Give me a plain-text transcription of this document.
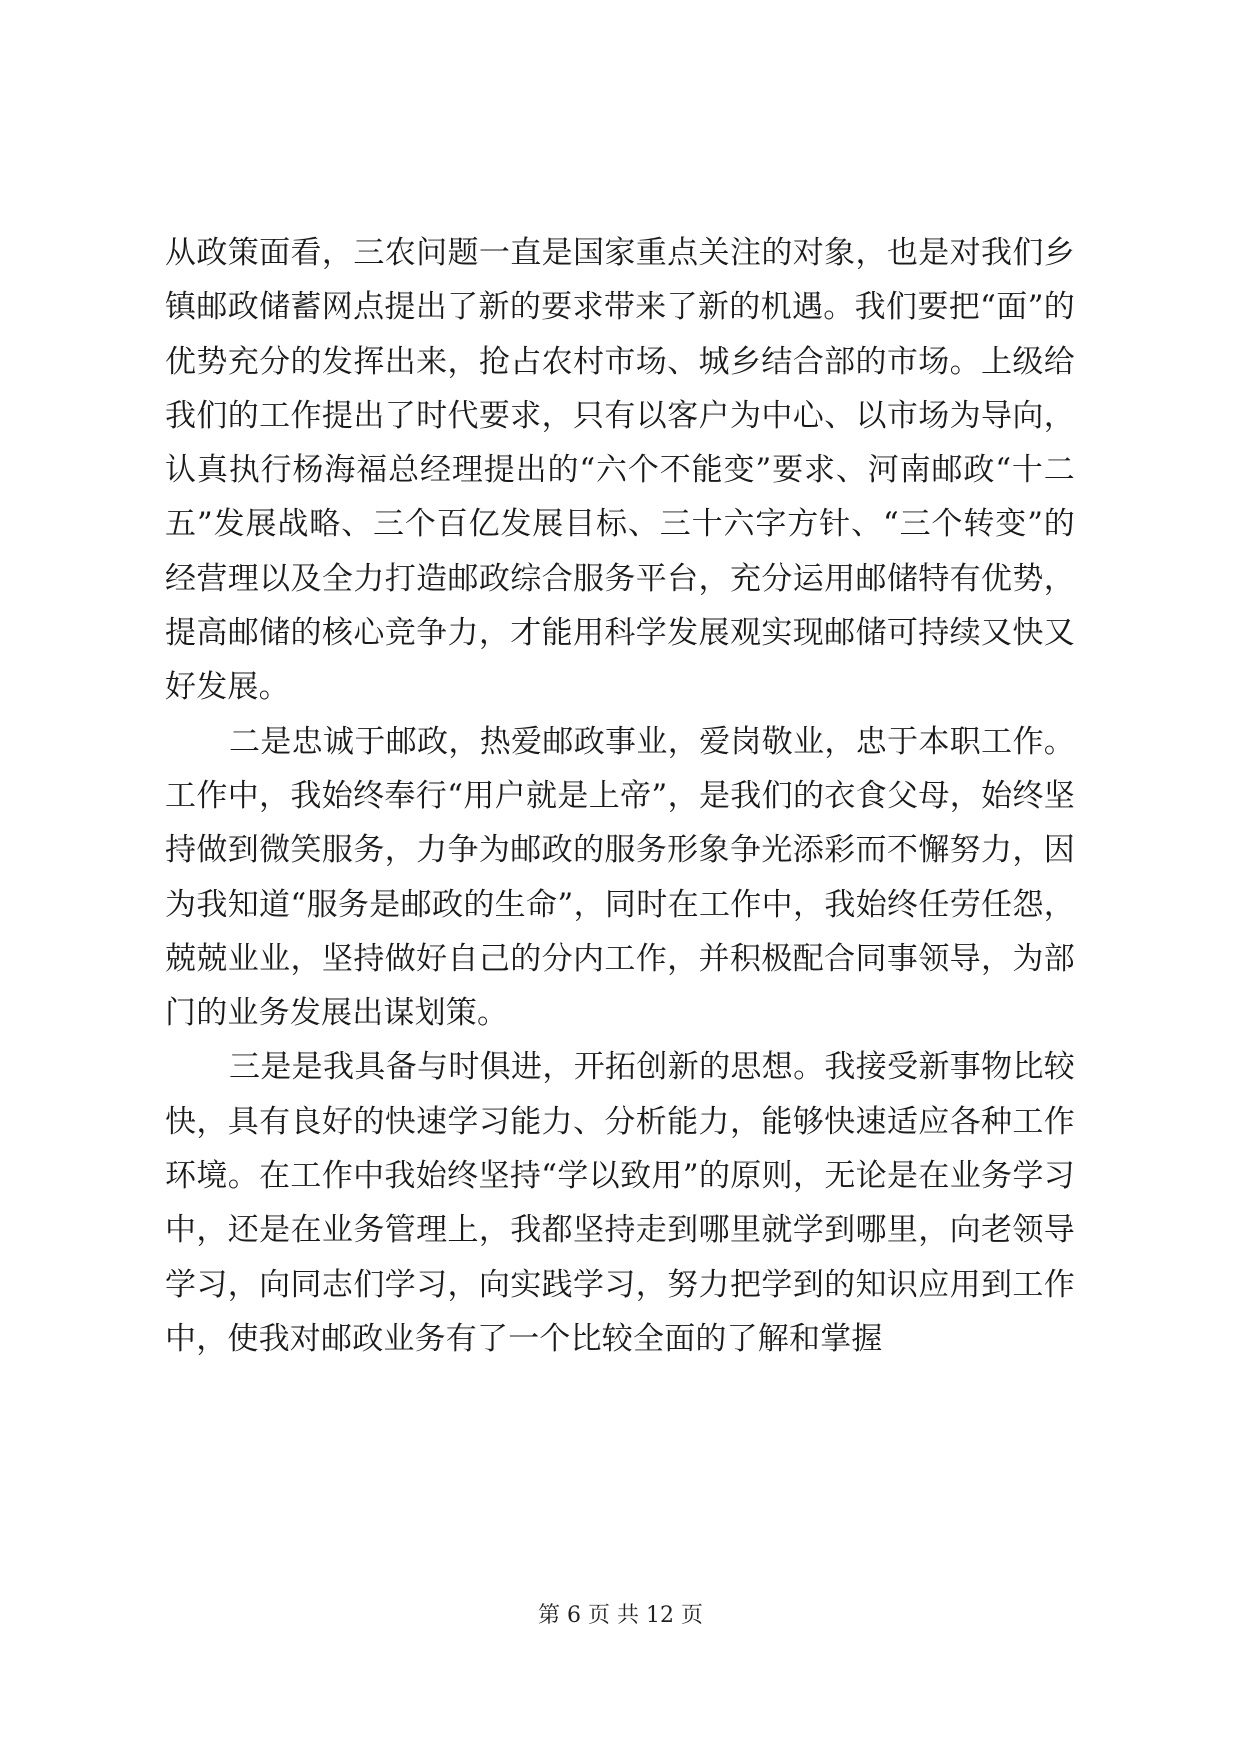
从政策面看，三农问题一直是国家重点关注的对象，也是对我们乡镇邮政储蓄网点提出了新的要求带来了新的机遇。我们要把“面”的优势充分的发挥出来，抢占农村市场、城乡结合部的市场。上级给我们的工作提出了时代要求，只有以客户为中心、以市场为导向，认真执行杨海福总经理提出的“六个不能变”要求、河南邮政“十二五”发展战略、三个百亿发展目标、三十六字方针、“三个转变”的经营理以及全力打造邮政综合服务平台，充分运用邮储特有优势，提高邮储的核心竞争力，才能用科学发展观实现邮储可持续又快又好发展。

二是忠诚于邮政，热爱邮政事业，爱岗敬业，忠于本职工作。工作中，我始终奉行“用户就是上帝”，是我们的衣食父母，始终坚持做到微笑服务，力争为邮政的服务形象争光添彩而不懈努力，因为我知道“服务是邮政的生命”，同时在工作中，我始终任劳任怨，兢兢业业，坚持做好自己的分内工作，并积极配合同事领导，为部门的业务发展出谋划策。

三是是我具备与时俱进，开拓创新的思想。我接受新事物比较快，具有良好的快速学习能力、分析能力，能够快速适应各种工作环境。在工作中我始终坚持“学以致用”的原则，无论是在业务学习中，还是在业务管理上，我都坚持走到哪里就学到哪里，向老领导学习，向同志们学习，向实践学习，努力把学到的知识应用到工作中，使我对邮政业务有了一个比较全面的了解和掌握

第 6 页 共 12 页
